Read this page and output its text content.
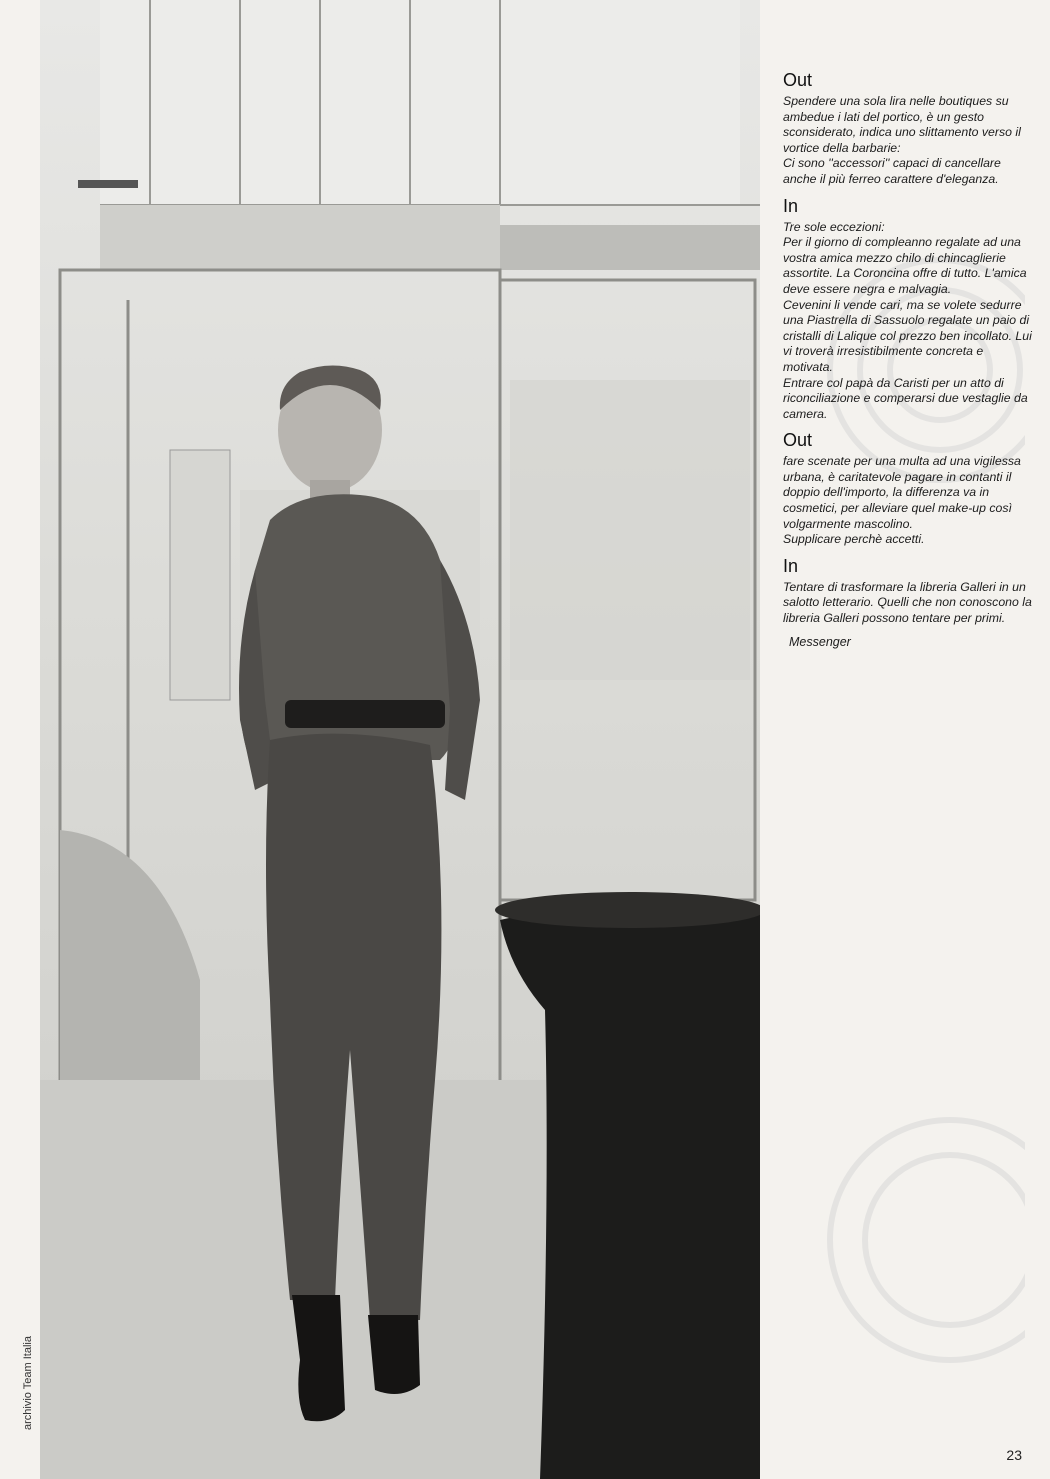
archivio Team Italia
Out

Spendere una sola lira nelle boutiques su ambedue i lati del portico, è un gesto sconsiderato, indica uno slittamento verso il vortice della barbarie:

Ci sono ''accessori'' capaci di cancellare anche il più ferreo carattere d'eleganza.

In

Tre sole eccezioni:

Per il giorno di compleanno regalate ad una vostra amica mezzo chilo di chincaglierie assortite. La Coroncina offre di tutto. L'amica deve essere negra e malvagia.

Cevenini li vende cari, ma se volete sedurre una Piastrella di Sassuolo regalate un paio di cristalli di Lalique col prezzo ben incollato. Lui vi troverà irresistibilmente concreta e motivata.

Entrare col papà da Caristi per un atto di riconciliazione e comperarsi due vestaglie da camera.

Out

fare scenate per una multa ad una vigilessa urbana, è caritatevole pagare in contanti il doppio dell'importo, la differenza va in cosmetici, per alleviare quel make-up così volgarmente mascolino.

Supplicare perchè accetti.

In

Tentare di trasformare la libreria Galleri in un salotto letterario. Quelli che non conoscono la libreria Galleri possono tentare per primi.

Messenger
23
